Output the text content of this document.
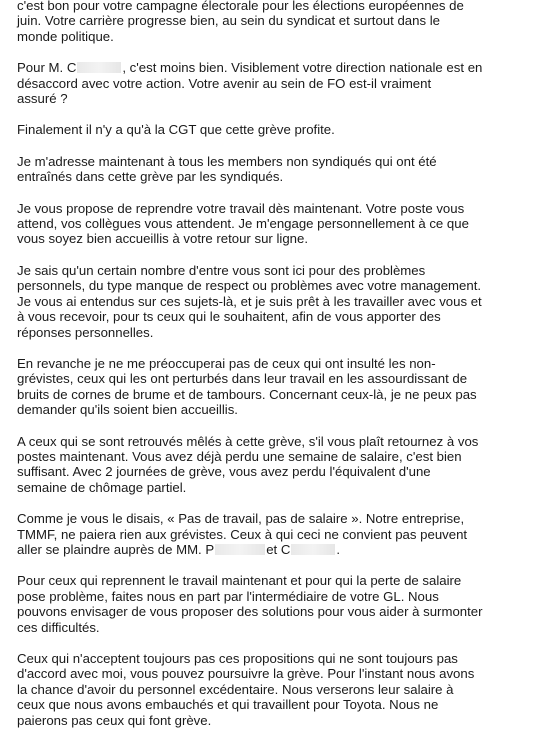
c'est bon pour votre campagne électorale pour les élections européennes de
juin. Votre carrière progresse bien, au sein du syndicat et surtout dans le
monde politique.

Pour M. C	, c'est moins bien. Visiblement votre direction nationale est en
désaccord avec votre action. Votre avenir au sein de FO est-il vraiment
assuré ?

Finalement il n'y a qu'à la CGT que cette grève profite.

Je m'adresse maintenant à tous les members non syndiqués qui ont été
entraînés dans cette grève par les syndiqués.

Je vous propose de reprendre votre travail dès maintenant. Votre poste vous
attend, vos collègues vous attendent. Je m'engage personnellement à ce que
vous soyez bien accueillis à votre retour sur ligne.

Je sais qu'un certain nombre d'entre vous sont ici pour des problèmes
personnels, du type manque de respect ou problèmes avec votre management.
Je vous ai entendus sur ces sujets-là, et je suis prêt à les travailler avec vous et
à vous recevoir, pour ts ceux qui le souhaitent, afin de vous apporter des
réponses personnelles.

En revanche je ne me préoccuperai pas de ceux qui ont insulté les non-
grévistes, ceux qui les ont perturbés dans leur travail en les assourdissant de
bruits de cornes de brume et de tambours. Concernant ceux-là, je ne peux pas
demander qu'ils soient bien accueillis.

A ceux qui se sont retrouvés mêlés à cette grève, s'il vous plaît retournez à vos
postes maintenant. Vous avez déjà perdu une semaine de salaire, c'est bien
suffisant. Avec 2 journées de grève, vous avez perdu l'équivalent d'une
semaine de chômage partiel.

Comme je vous le disais, « Pas de travail, pas de salaire ». Notre entreprise,
TMMF, ne paiera rien aux grévistes. Ceux à qui ceci ne convient pas peuvent
aller se plaindre auprès de MM. P	et C	.

Pour ceux qui reprennent le travail maintenant et pour qui la perte de salaire
pose problème, faites nous en part par l'intermédiaire de votre GL. Nous
pouvons envisager de vous proposer des solutions pour vous aider à surmonter
ces difficultés.

Ceux qui n'acceptent toujours pas ces propositions qui ne sont toujours pas
d'accord avec moi, vous pouvez poursuivre la grève. Pour l'instant nous avons
la chance d'avoir du personnel excédentaire. Nous verserons leur salaire à
ceux que nous avons embauchés et qui travaillent pour Toyota. Nous ne
paierons pas ceux qui font grève.
